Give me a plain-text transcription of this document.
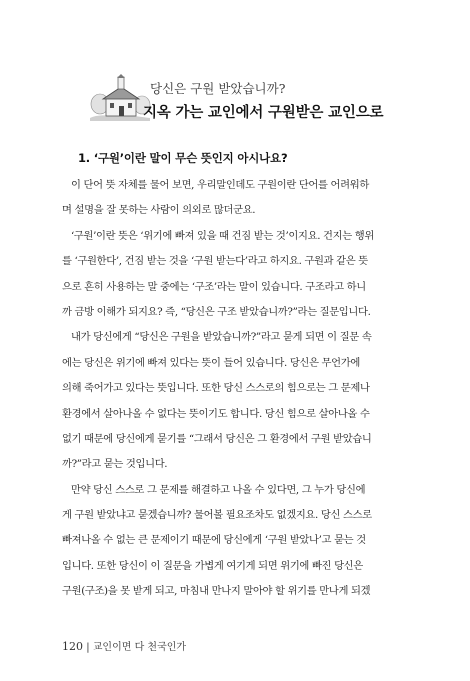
당신은 구원 받았습니까?
지옥 가는 교인에서 구원받은 교인으로
1. ‘구원’이란 말이 무슨 뜻인지 아시나요?
이 단어 뜻 자체를 물어 보면, 우리말인데도 구원이란 단어를 어려워하
며 설명을 잘 못하는 사람이 의외로 많더군요.
‘구원’이란 뜻은 ‘위기에 빠져 있을 때 건짐 받는 것’이지요. 건지는 행위
를 ‘구원한다’, 건짐 받는 것을 ‘구원 받는다’라고 하지요. 구원과 같은 뜻
으로 흔히 사용하는 말 중에는 ‘구조’라는 말이 있습니다. 구조라고 하니
까 금방 이해가 되지요? 즉, “당신은 구조 받았습니까?”라는 질문입니다.
내가 당신에게 “당신은 구원을 받았습니까?”라고 묻게 되면 이 질문 속
에는 당신은 위기에 빠져 있다는 뜻이 들어 있습니다. 당신은 무언가에
의해 죽어가고 있다는 뜻입니다. 또한 당신 스스로의 힘으로는 그 문제나
환경에서 살아나올 수 없다는 뜻이기도 합니다. 당신 힘으로 살아나올 수
없기 때문에 당신에게 묻기를 “그래서 당신은 그 환경에서 구원 받았습니
까?”라고 묻는 것입니다.
만약 당신 스스로 그 문제를 해결하고 나올 수 있다면, 그 누가 당신에
게 구원 받았냐고 묻겠습니까? 물어볼 필요조차도 없겠지요. 당신 스스로
빠져나올 수 없는 큰 문제이기 때문에 당신에게 ‘구원 받았나’고 묻는 것
입니다. 또한 당신이 이 질문을 가볍게 여기게 되면 위기에 빠진 당신은
구원(구조)을 못 받게 되고, 마침내 만나지 말아야 할 위기를 만나게 되겠
120 | 교인이면 다 천국인가
